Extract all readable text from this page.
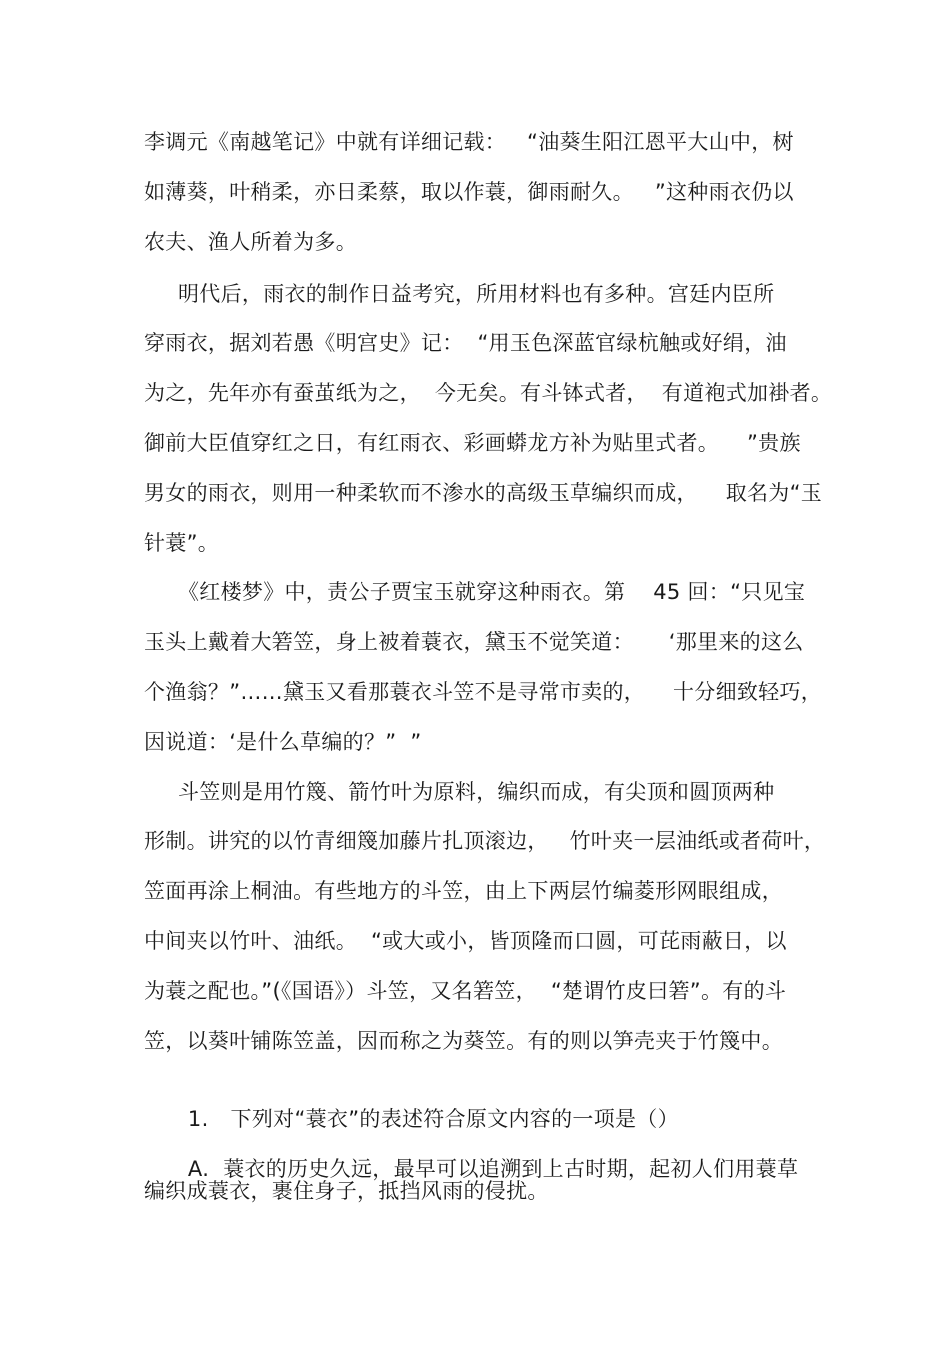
李调元《南越笔记》中就有详细记载：   “油葵生阳江恩平大山中，树
如薄葵，叶稍柔，亦日柔蔡，取以作蓑，御雨耐久。   ”这种雨衣仍以
农夫、渔人所着为多。
明代后，雨衣的制作日益考究，所用材料也有多种。宫廷内臣所
穿雨衣，据刘若愚《明宫史》记：  “用玉色深蓝官绿杭触或好绢，油
为之，先年亦有蚕茧纸为之，  今无矣。有斗钵式者，  有道袍式加褂者。
御前大臣值穿红之日，有红雨衣、彩画蟒龙方补为贴里式者。    ”贵族
男女的雨衣，则用一种柔软而不渗水的高级玉草编织而成，    取名为“玉
针蓑”。
《红楼梦》中，责公子贾宝玉就穿这种雨衣。第    45 回：“只见宝
玉头上戴着大箬笠，身上被着蓑衣，黛玉不觉笑道：     ‘那里来的这么
个渔翁？”……黛玉又看那蓑衣斗笠不是寻常市卖的，    十分细致轻巧，
因说道：‘是什么草编的？”  ”
斗笠则是用竹篾、箭竹叶为原料，编织而成，有尖顶和圆顶两种
形制。讲究的以竹青细篾加藤片扎顶滚边，   竹叶夹一层油纸或者荷叶，
笠面再涂上桐油。有些地方的斗笠，由上下两层竹编菱形网眼组成，
中间夹以竹叶、油纸。  “或大或小，皆顶隆而口圆，可芘雨蔽日，以
为蓑之配也。”(《国语》）斗笠，又名箬笠，  “楚谓竹皮曰箬”。有的斗
笠，以葵叶铺陈笠盖，因而称之为葵笠。有的则以笋壳夹于竹篾中。

1. 下列对“蓑衣”的表述符合原文内容的一项是（）

A. 蓑衣的历史久远，最早可以追溯到上古时期，起初人们用蓑草

编织成蓑衣，裹住身子，抵挡风雨的侵扰。
